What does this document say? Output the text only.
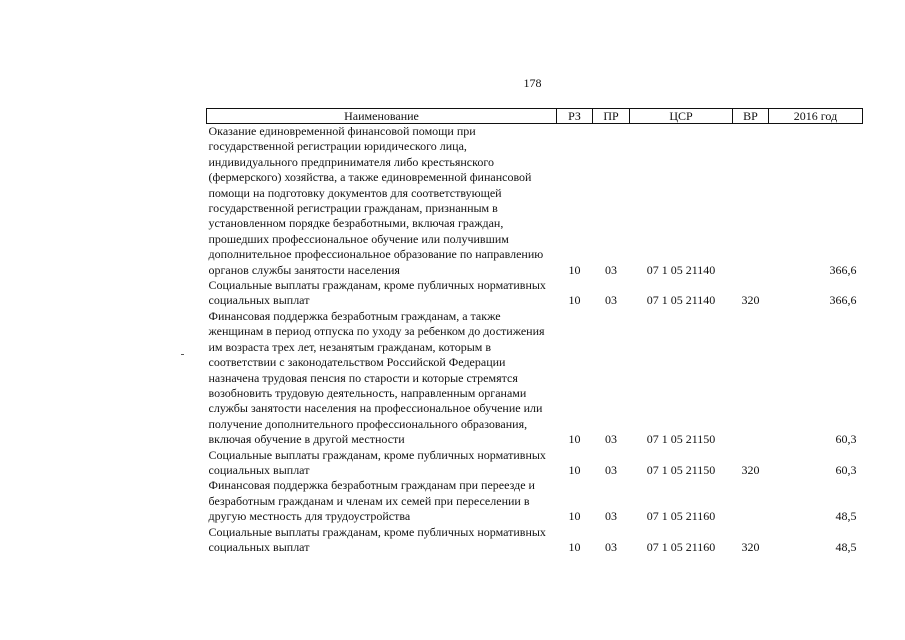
178
Наименование	РЗ	ПР	ЦСР	ВР	2016 год
Оказание единовременной финансовой помощи при государственной регистрации юридического лица, индивидуального предпринимателя либо крестьянского (фермерского) хозяйства, а также единовременной финансовой помощи на подготовку документов для соответствующей государственной регистрации гражданам, признанным в установленном порядке безработными, включая граждан, прошедших профессиональное обучение или получившим дополнительное профессиональное образование по направлению органов службы занятости населения	10	03	07 1 05 21140		366,6
Социальные выплаты гражданам, кроме публичных нормативных социальных выплат	10	03	07 1 05 21140	320	366,6
Финансовая поддержка безработным гражданам, а также женщинам в период отпуска по уходу за ребенком до достижения им возраста трех лет, незанятым гражданам, которым в соответствии с законодательством Российской Федерации назначена трудовая пенсия по старости и которые стремятся возобновить трудовую деятельность, направленным органами службы занятости населения на профессиональное обучение или получение дополнительного профессионального образования, включая обучение в другой местности	10	03	07 1 05 21150		60,3
Социальные выплаты гражданам, кроме публичных нормативных социальных выплат	10	03	07 1 05 21150	320	60,3
Финансовая поддержка безработным гражданам при переезде и безработным гражданам и членам их семей при переселении в другую местность для трудоустройства	10	03	07 1 05 21160		48,5
Социальные выплаты гражданам, кроме публичных нормативных социальных выплат	10	03	07 1 05 21160	320	48,5
